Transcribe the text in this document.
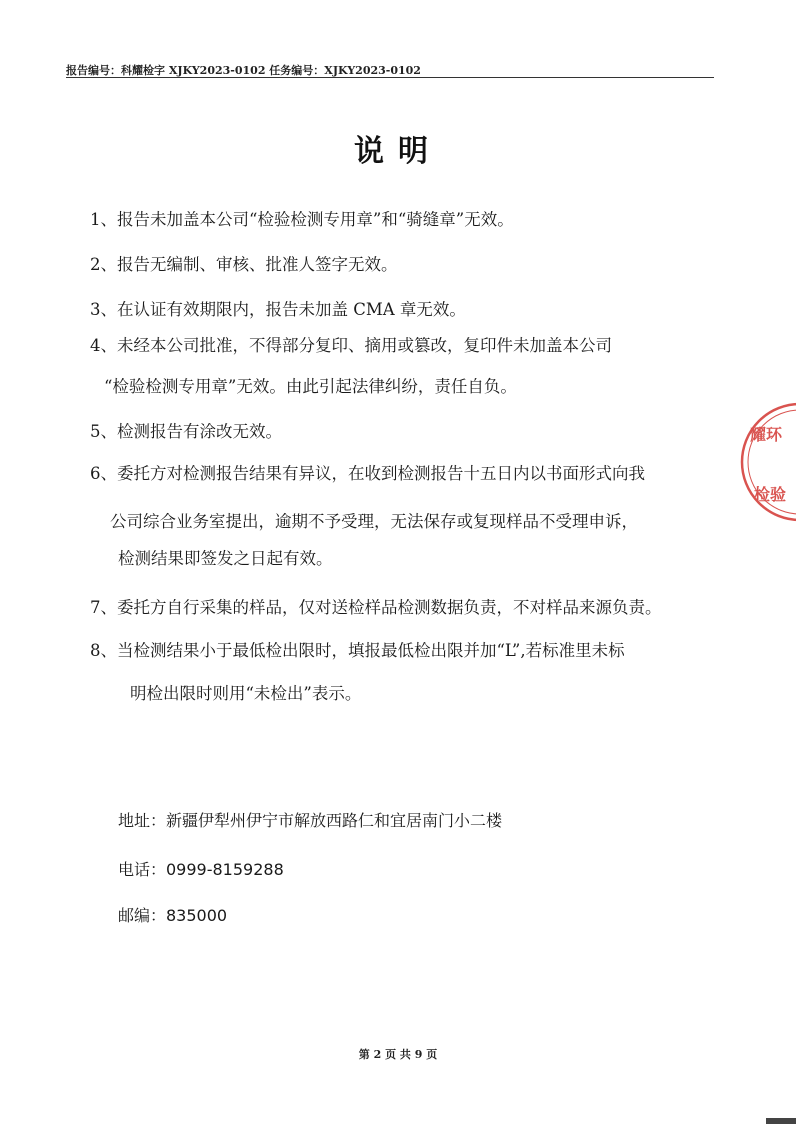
报告编号：科耀检字 XJKY2023-0102 任务编号：XJKY2023-0102
说明
1、报告未加盖本公司“检验检测专用章”和“骑缝章”无效。
2、报告无编制、审核、批准人签字无效。
3、在认证有效期限内，报告未加盖 CMA 章无效。
4、未经本公司批准，不得部分复印、摘用或篡改，复印件未加盖本公司
“检验检测专用章”无效。由此引起法律纠纷，责任自负。
5、检测报告有涂改无效。
6、委托方对检测报告结果有异议，在收到检测报告十五日内以书面形式向我
公司综合业务室提出，逾期不予受理，无法保存或复现样品不受理申诉，
检测结果即签发之日起有效。
7、委托方自行采集的样品，仅对送检样品检测数据负责，不对样品来源负责。
8、当检测结果小于最低检出限时，填报最低检出限并加“L”,若标准里未标
明检出限时则用“未检出”表示。
地址：新疆伊犁州伊宁市解放西路仁和宜居南门小二楼
电话：0999-8159288
邮编：835000
第 2 页 共 9 页
耀环
检验
